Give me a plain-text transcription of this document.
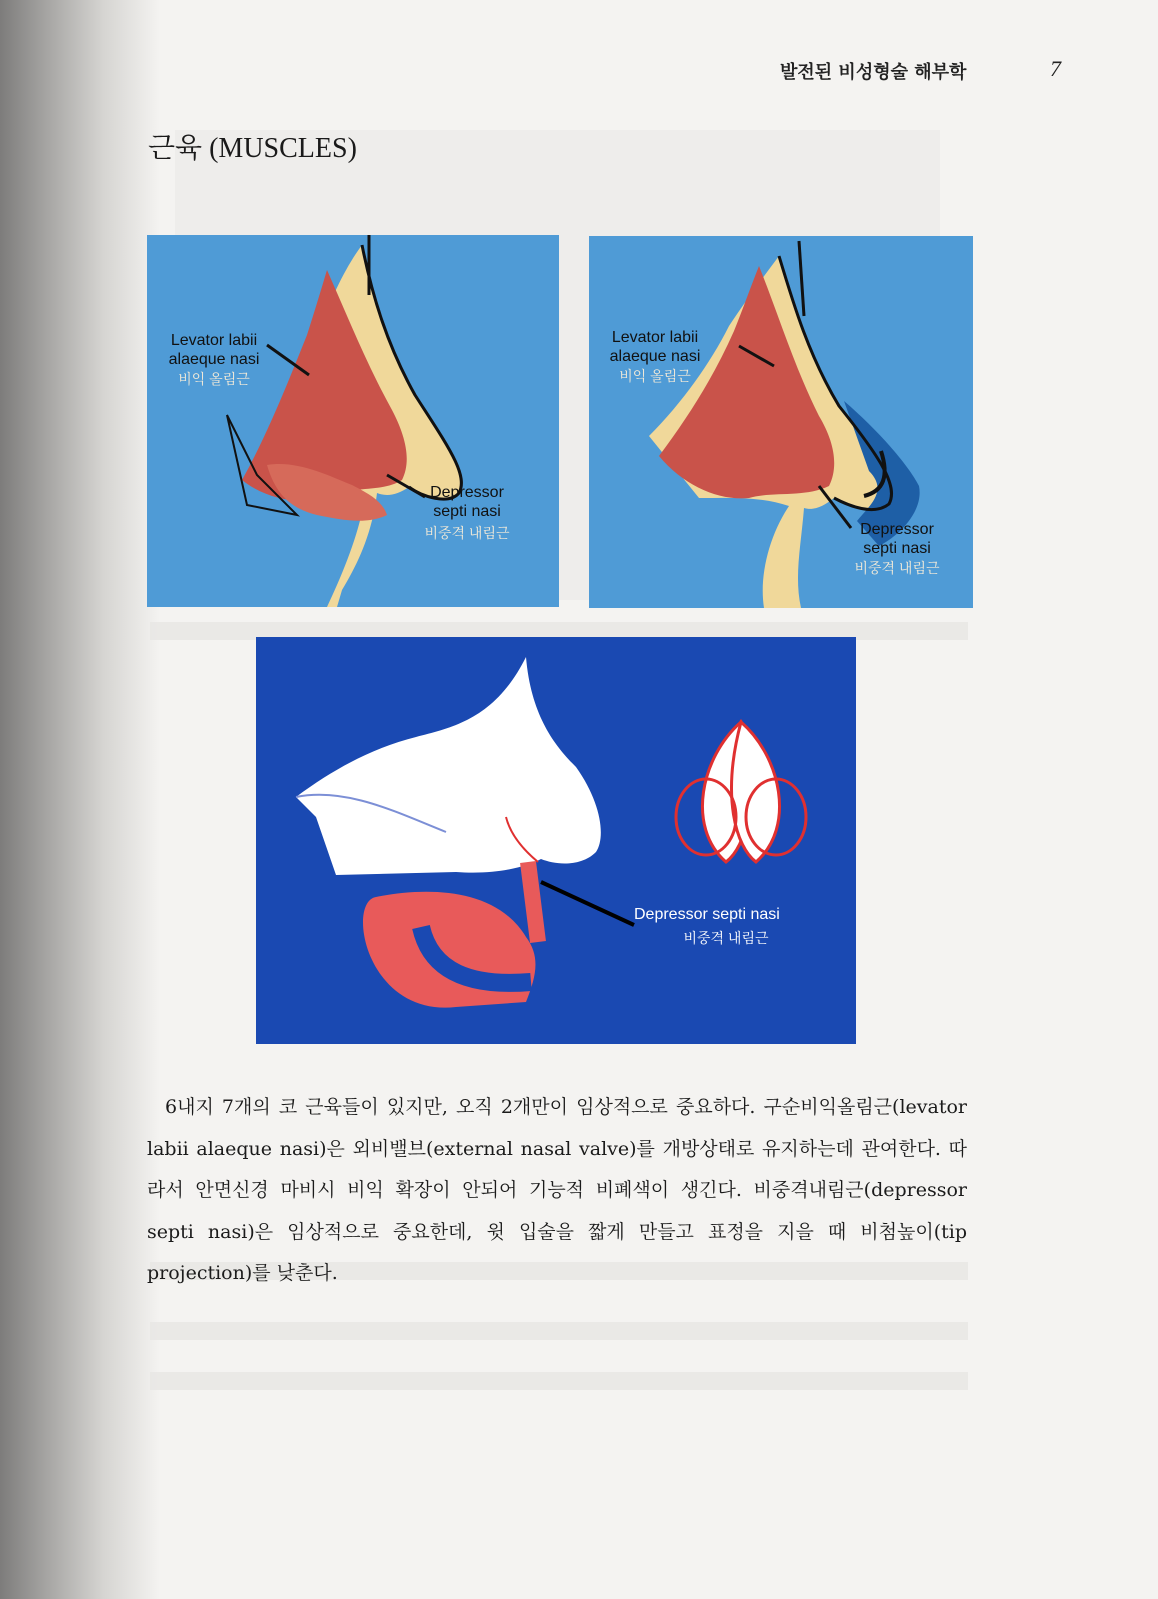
발전된 비성형술 해부학	7
근육 (MUSCLES)
Levator labii
alaeque nasi
비익 올림근
Depressor
septi nasi
비중격 내림근
Levator labii
alaeque nasi
비익 올림근
Depressor
septi nasi
비중격 내림근
Depressor septi nasi
비중격 내림근

6내지 7개의 코 근육들이 있지만, 오직 2개만이 임상적으로 중요하다. 구순비익올림근(levator labii alaeque nasi)은 외비밸브(external nasal valve)를 개방상태로 유지하는데 관여한다. 따라서 안면신경 마비시 비익 확장이 안되어 기능적 비폐색이 생긴다. 비중격내림근(depressor septi nasi)은 임상적으로 중요한데, 윗 입술을 짧게 만들고 표정을 지을 때 비첨높이(tip projection)를 낮춘다.
